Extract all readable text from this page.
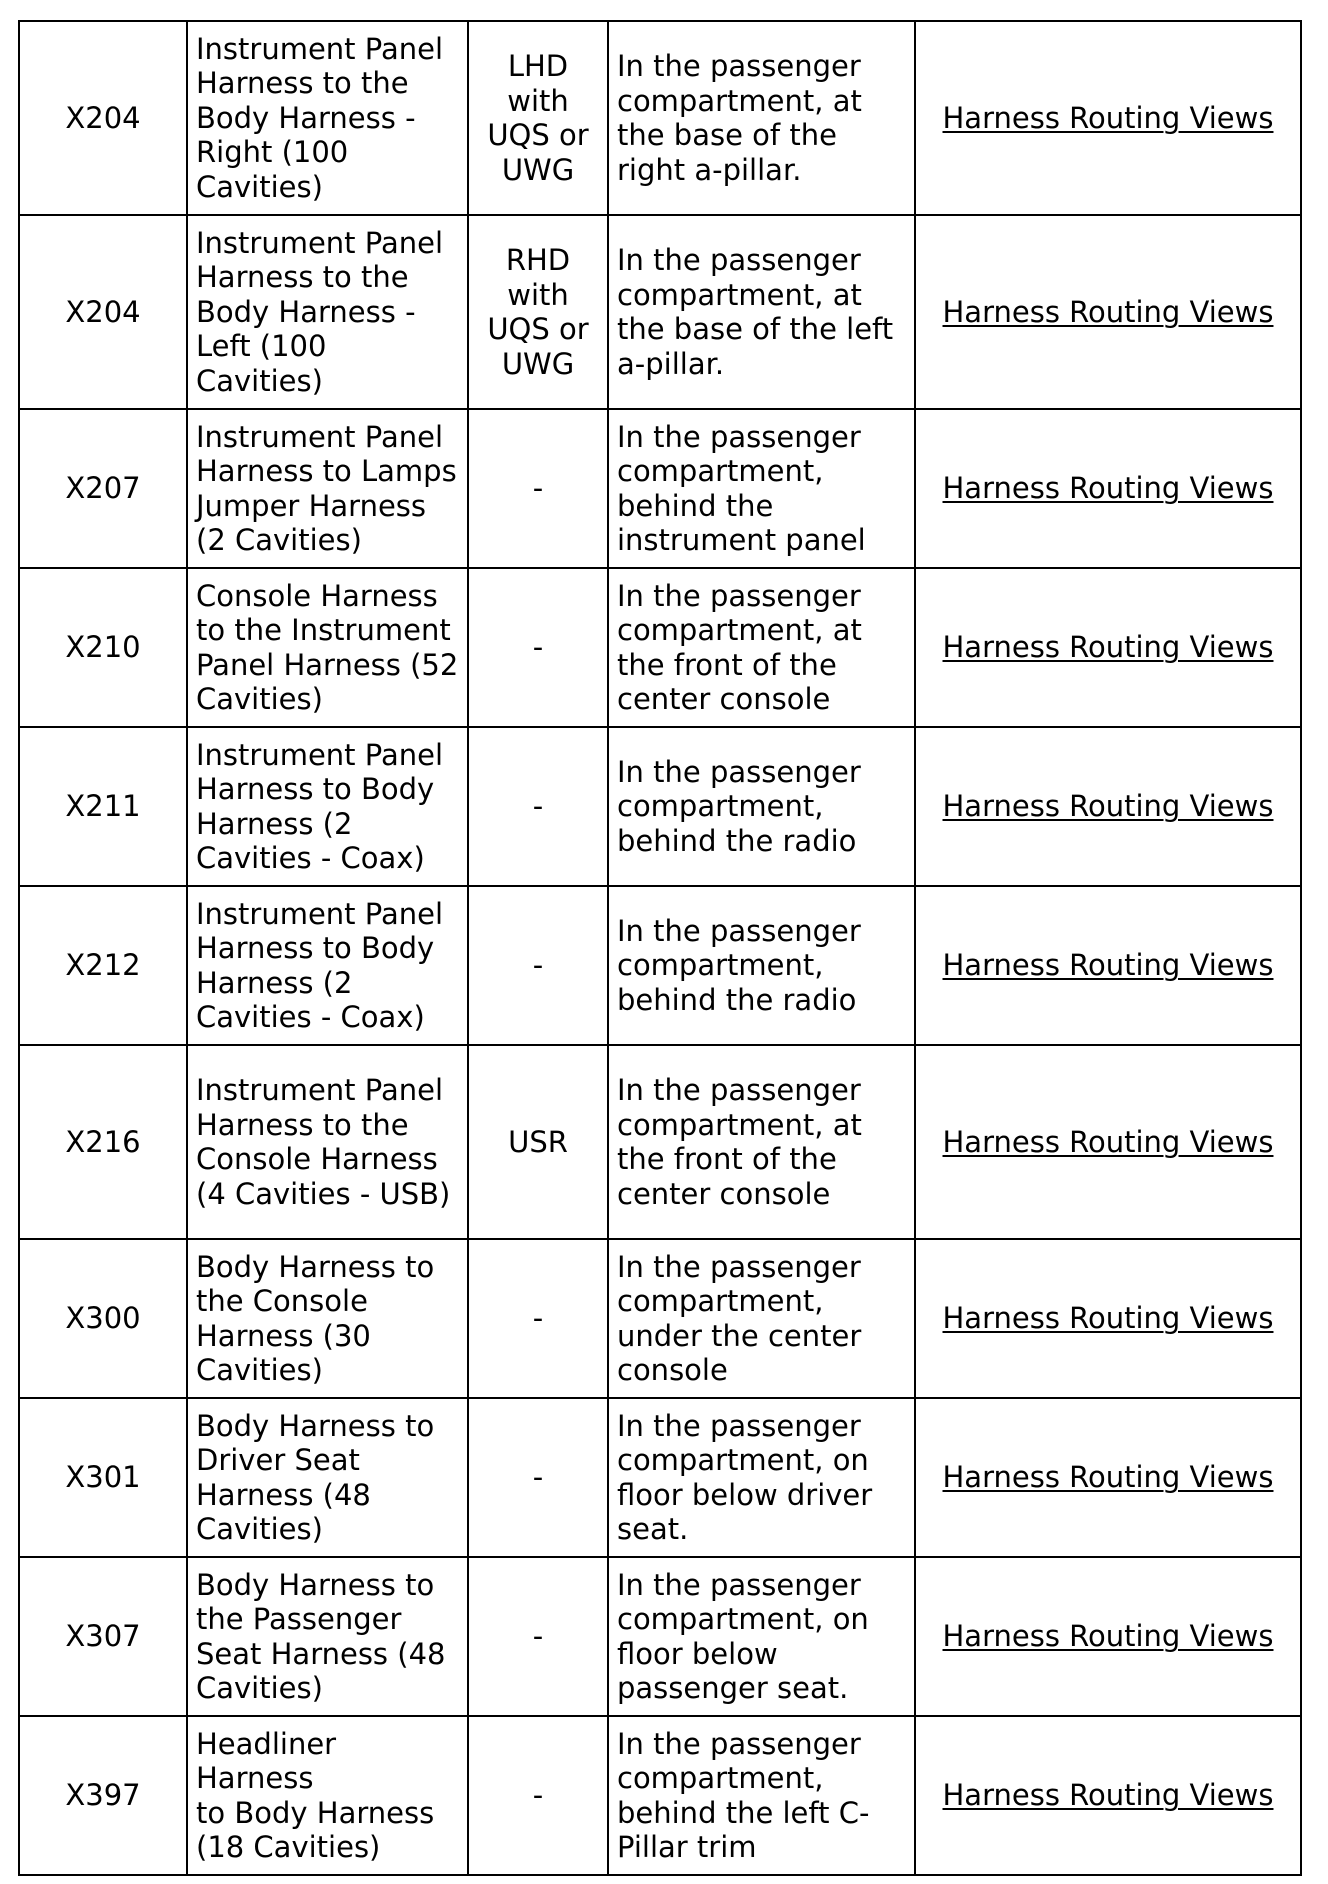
X204	Instrument Panel
Harness to the
Body Harness -
Right (100
Cavities)	LHD
with
UQS or
UWG	In the passenger
compartment, at
the base of the
right a-pillar.	Harness Routing Views
X204	Instrument Panel
Harness to the
Body Harness -
Left (100
Cavities)	RHD
with
UQS or
UWG	In the passenger
compartment, at
the base of the left
a-pillar.	Harness Routing Views
X207	Instrument Panel
Harness to Lamps
Jumper Harness
(2 Cavities)	-	In the passenger
compartment,
behind the
instrument panel	Harness Routing Views
X210	Console Harness
to the Instrument
Panel Harness (52
Cavities)	-	In the passenger
compartment, at
the front of the
center console	Harness Routing Views
X211	Instrument Panel
Harness to Body
Harness (2
Cavities - Coax)	-	In the passenger
compartment,
behind the radio	Harness Routing Views
X212	Instrument Panel
Harness to Body
Harness (2
Cavities - Coax)	-	In the passenger
compartment,
behind the radio	Harness Routing Views
X216	Instrument Panel
Harness to the
Console Harness
(4 Cavities - USB)	USR	In the passenger
compartment, at
the front of the
center console	Harness Routing Views
X300	Body Harness to
the Console
Harness (30
Cavities)	-	In the passenger
compartment,
under the center
console	Harness Routing Views
X301	Body Harness to
Driver Seat
Harness (48
Cavities)	-	In the passenger
compartment, on
floor below driver
seat.	Harness Routing Views
X307	Body Harness to
the Passenger
Seat Harness (48
Cavities)	-	In the passenger
compartment, on
floor below
passenger seat.	Harness Routing Views
X397	Headliner Harness
to Body Harness
(18 Cavities)	-	In the passenger
compartment,
behind the left C-
Pillar trim	Harness Routing Views
